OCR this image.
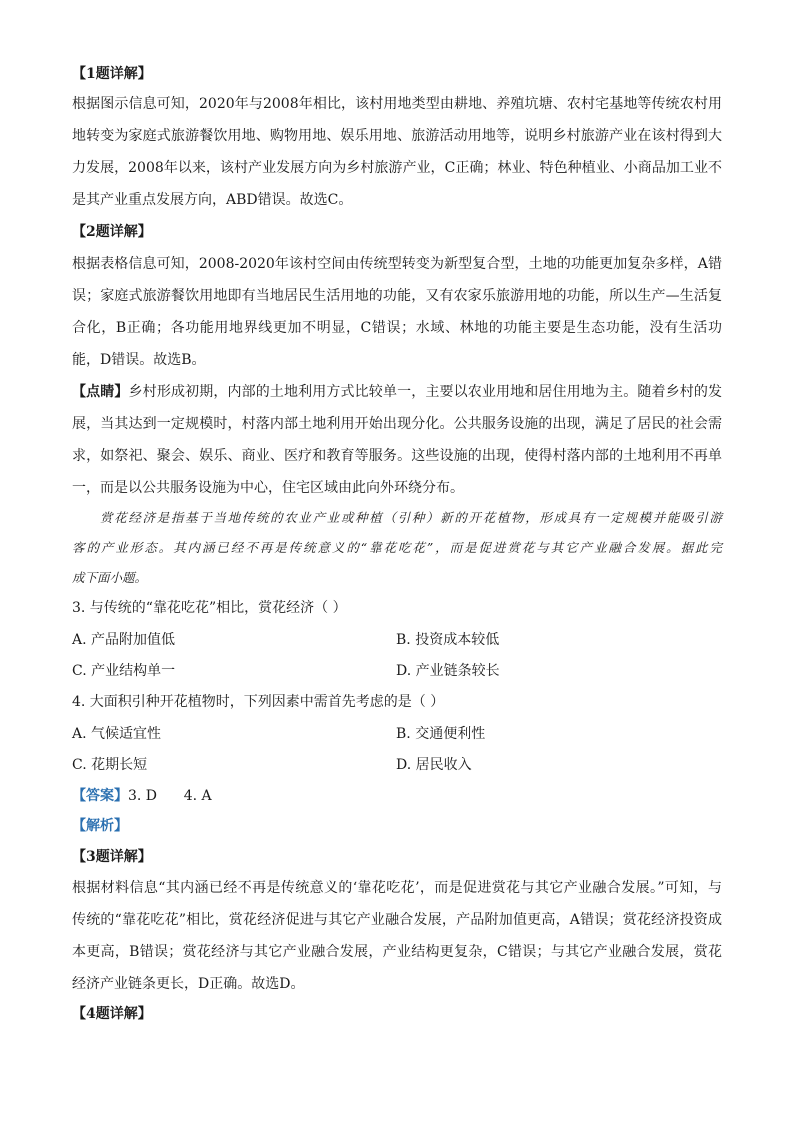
【1题详解】
根据图示信息可知，2020年与2008年相比，该村用地类型由耕地、养殖坑塘、农村宅基地等传统农村用
地转变为家庭式旅游餐饮用地、购物用地、娱乐用地、旅游活动用地等，说明乡村旅游产业在该村得到大
力发展，2008年以来，该村产业发展方向为乡村旅游产业，C正确；林业、特色种植业、小商品加工业不
是其产业重点发展方向，ABD错误。故选C。
【2题详解】
根据表格信息可知，2008-2020年该村空间由传统型转变为新型复合型，土地的功能更加复杂多样，A错
误；家庭式旅游餐饮用地即有当地居民生活用地的功能，又有农家乐旅游用地的功能，所以生产—生活复
合化，B正确；各功能用地界线更加不明显，C错误；水域、林地的功能主要是生态功能，没有生活功
能，D错误。故选B。
【点睛】乡村形成初期，内部的土地利用方式比较单一，主要以农业用地和居住用地为主。随着乡村的发
展，当其达到一定规模时，村落内部土地利用开始出现分化。公共服务设施的出现，满足了居民的社会需
求，如祭祀、聚会、娱乐、商业、医疗和教育等服务。这些设施的出现，使得村落内部的土地利用不再单
一，而是以公共服务设施为中心，住宅区域由此向外环绕分布。
赏花经济是指基于当地传统的农业产业或种植（引种）新的开花植物，形成具有一定规模并能吸引游
客的产业形态。其内涵已经不再是传统意义的“靠花吃花”，而是促进赏花与其它产业融合发展。据此完
成下面小题。
3. 与传统的“靠花吃花”相比，赏花经济（ ）
A. 产品附加值低	B. 投资成本较低
C. 产业结构单一	D. 产业链条较长
4. 大面积引种开花植物时，下列因素中需首先考虑的是（ ）
A. 气候适宜性	B. 交通便利性
C. 花期长短	D. 居民收入
【答案】3. D      4. A
【解析】
【3题详解】
根据材料信息“其内涵已经不再是传统意义的‘靠花吃花’，而是促进赏花与其它产业融合发展。”可知，与
传统的“靠花吃花”相比，赏花经济促进与其它产业融合发展，产品附加值更高，A错误；赏花经济投资成
本更高，B错误；赏花经济与其它产业融合发展，产业结构更复杂，C错误；与其它产业融合发展，赏花
经济产业链条更长，D正确。故选D。
【4题详解】
